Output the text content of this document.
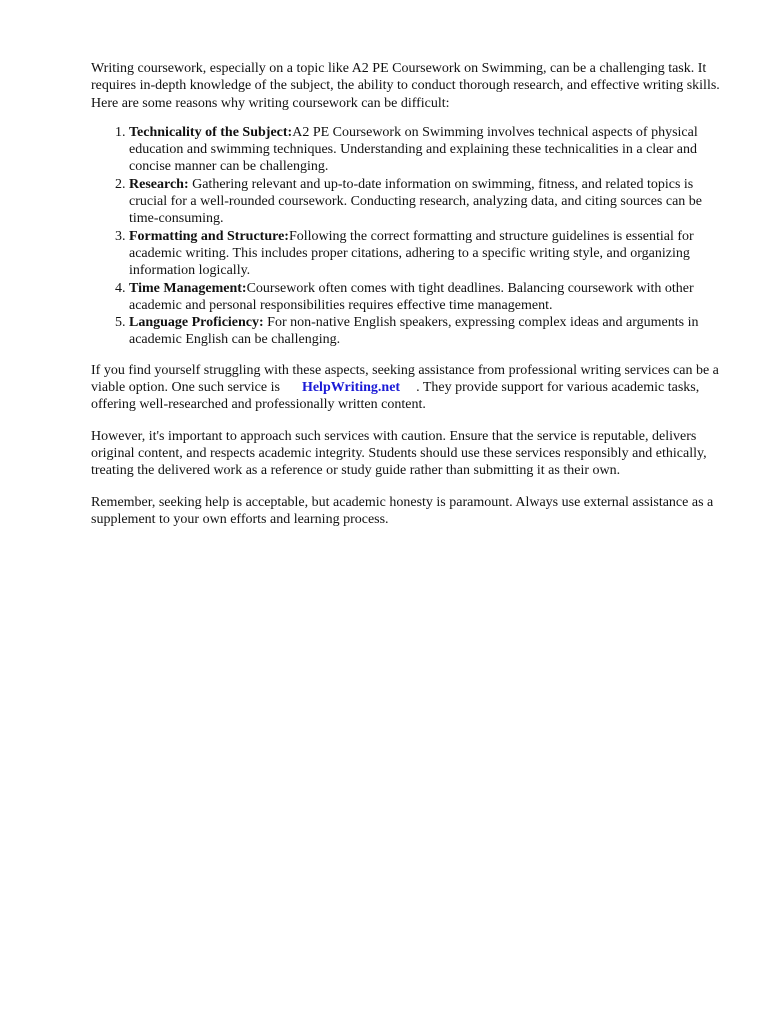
Writing coursework, especially on a topic like A2 PE Coursework on Swimming, can be a challenging task. It requires in-depth knowledge of the subject, the ability to conduct thorough research, and effective writing skills. Here are some reasons why writing coursework can be difficult:

1. Technicality of the Subject:A2 PE Coursework on Swimming involves technical aspects of physical education and swimming techniques. Understanding and explaining these technicalities in a clear and concise manner can be challenging.
2. Research: Gathering relevant and up-to-date information on swimming, fitness, and related topics is crucial for a well-rounded coursework. Conducting research, analyzing data, and citing sources can be time-consuming.
3. Formatting and Structure:Following the correct formatting and structure guidelines is essential for academic writing. This includes proper citations, adhering to a specific writing style, and organizing information logically.
4. Time Management:Coursework often comes with tight deadlines. Balancing coursework with other academic and personal responsibilities requires effective time management.
5. Language Proficiency: For non-native English speakers, expressing complex ideas and arguments in academic English can be challenging.

If you find yourself struggling with these aspects, seeking assistance from professional writing services can be a viable option. One such service is HelpWriting.net . They provide support for various academic tasks, offering well-researched and professionally written content.

However, it's important to approach such services with caution. Ensure that the service is reputable, delivers original content, and respects academic integrity. Students should use these services responsibly and ethically, treating the delivered work as a reference or study guide rather than submitting it as their own.

Remember, seeking help is acceptable, but academic honesty is paramount. Always use external assistance as a supplement to your own efforts and learning process.
